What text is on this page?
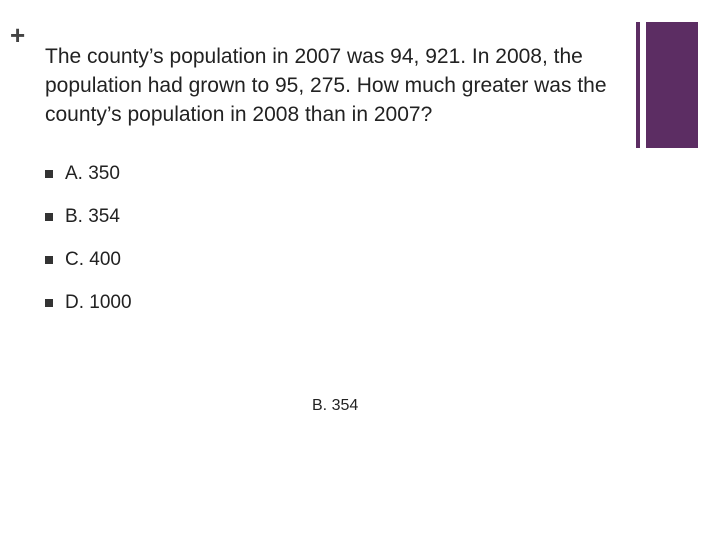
+
The county’s population in 2007 was 94, 921. In 2008, the population had grown to 95, 275. How much greater was the county’s population in 2008 than in 2007?
A. 350
B. 354
C. 400
D. 1000
B. 354
